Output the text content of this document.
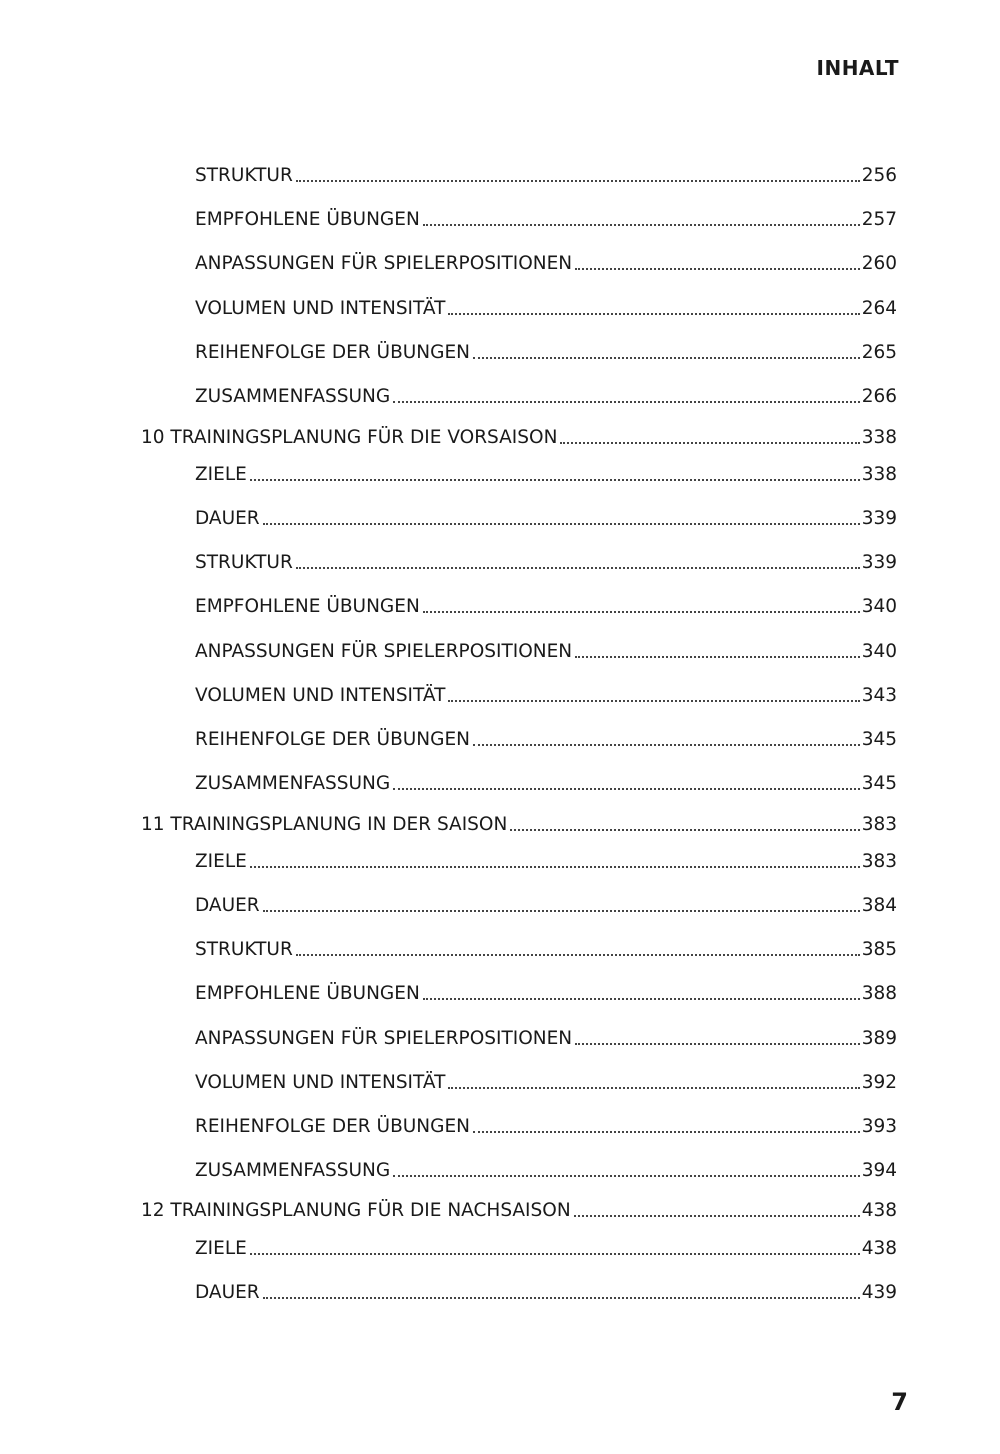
INHALT
STRUKTUR	256
EMPFOHLENE ÜBUNGEN	257
ANPASSUNGEN FÜR SPIELERPOSITIONEN	260
VOLUMEN UND INTENSITÄT	264
REIHENFOLGE DER ÜBUNGEN	265
ZUSAMMENFASSUNG	266
10 TRAININGSPLANUNG FÜR DIE VORSAISON	338
ZIELE	338
DAUER	339
STRUKTUR	339
EMPFOHLENE ÜBUNGEN	340
ANPASSUNGEN FÜR SPIELERPOSITIONEN	340
VOLUMEN UND INTENSITÄT	343
REIHENFOLGE DER ÜBUNGEN	345
ZUSAMMENFASSUNG	345
11 TRAININGSPLANUNG IN DER SAISON	383
ZIELE	383
DAUER	384
STRUKTUR	385
EMPFOHLENE ÜBUNGEN	388
ANPASSUNGEN FÜR SPIELERPOSITIONEN	389
VOLUMEN UND INTENSITÄT	392
REIHENFOLGE DER ÜBUNGEN	393
ZUSAMMENFASSUNG	394
12 TRAININGSPLANUNG FÜR DIE NACHSAISON	438
ZIELE	438
DAUER	439
7
